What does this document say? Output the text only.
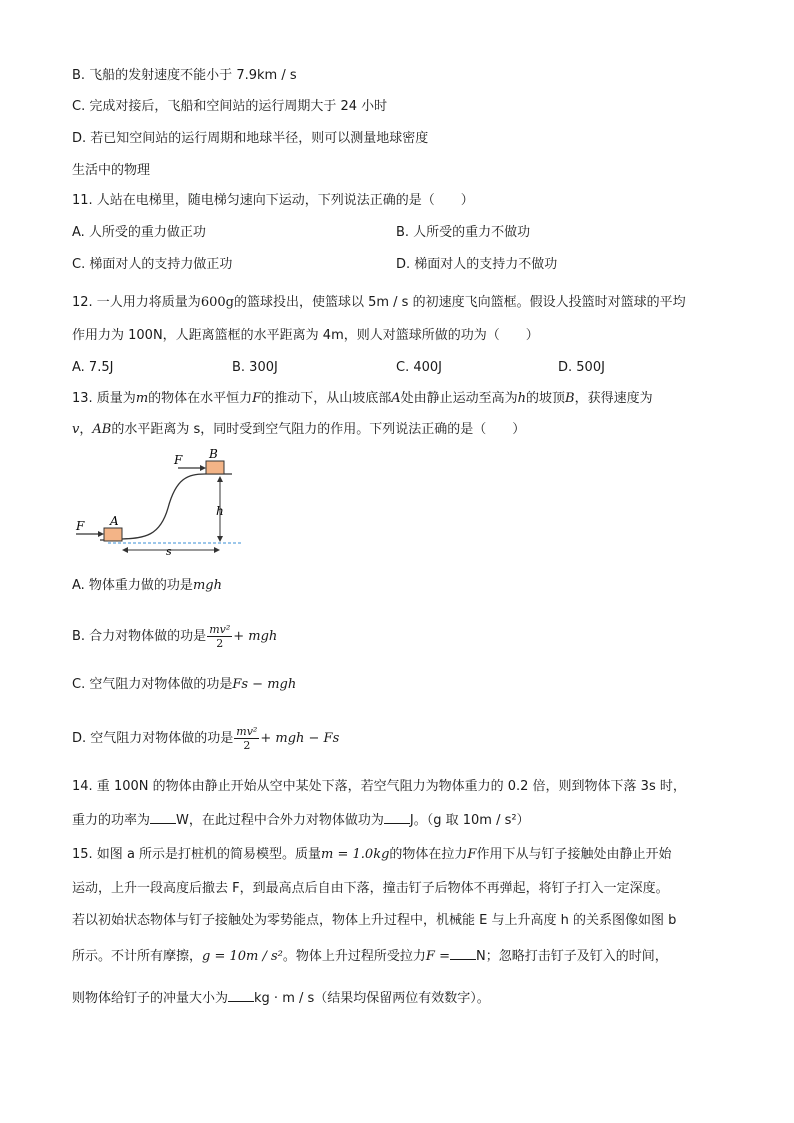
B. 飞船的发射速度不能小于 7.9km / s
C. 完成对接后，飞船和空间站的运行周期大于 24 小时
D. 若已知空间站的运行周期和地球半径，则可以测量地球密度
生活中的物理
11. 人站在电梯里，随电梯匀速向下运动，下列说法正确的是（　　）
A. 人所受的重力做正功	B. 人所受的重力不做功
C. 梯面对人的支持力做正功	D. 梯面对人的支持力不做功
12. 一人用力将质量为600g的篮球投出，使篮球以 5m / s 的初速度飞向篮框。假设人投篮时对篮球的平均
作用力为 100N，人距离篮框的水平距离为 4m，则人对篮球所做的功为（　　）
A. 7.5J	B. 300J	C. 400J	D. 500J
13. 质量为m的物体在水平恒力F的推动下，从山坡底部A处由静止运动至高为h的坡顶B，获得速度为
v，AB的水平距离为 s，同时受到空气阻力的作用。下列说法正确的是（　　）
F A
F B
h
s
A. 物体重力做的功是mgh
B. 合力对物体做的功是 $\frac{\text{mv²}}{2}$ + mgh
C. 空气阻力对物体做的功是Fs − mgh
D. 空气阻力对物体做的功是 $\frac{\text{mv²}}{2}$ + mgh − Fs
14. 重 100N 的物体由静止开始从空中某处下落，若空气阻力为物体重力的 0.2 倍，则到物体下落 3s 时，
重力的功率为 W，在此过程中合外力对物体做功为 J。（g 取 10m / s²）
15. 如图 a 所示是打桩机的简易模型。质量m = 1.0kg的物体在拉力F作用下从与钉子接触处由静止开始
运动，上升一段高度后撤去 F，到最高点后自由下落，撞击钉子后物体不再弹起，将钉子打入一定深度。
若以初始状态物体与钉子接触处为零势能点，物体上升过程中，机械能 E 与上升高度 h 的关系图像如图 b
所示。不计所有摩擦，g = 10m / s²。物体上升过程所受拉力F = N；忽略打击钉子及钉入的时间，
则物体给钉子的冲量大小为 kg · m / s（结果均保留两位有效数字）。
